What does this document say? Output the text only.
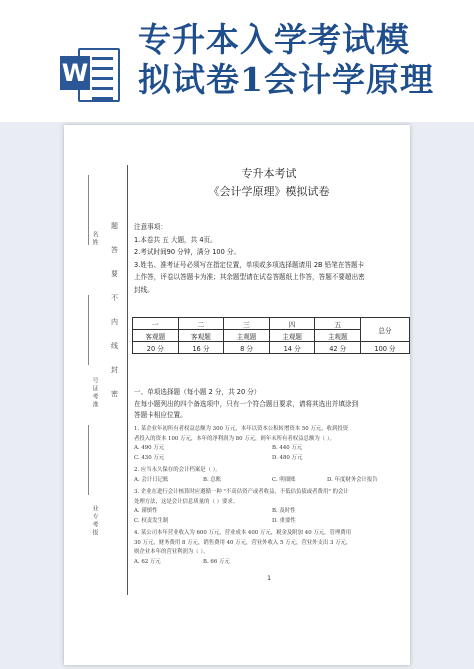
W
专升本入学考试模
拟试卷1会计学原理
名姓
号证考准
业专考报
题
答
要
不
内
线
封
密
专升本考试
《会计学原理》模拟试卷
注意事项：
1.本卷共 五 大题，共 4页。
2.考试时间90 分钟，满分 100 分。
3.姓名、准考证号必须写在指定位置，单项或多项选择题请用 2B 铅笔在答题卡
上作答，评卷以答题卡为准；其余题型请在试卷答题纸上作答，答题不要超出密
封线。
一	二	三	四	五	总分
客观题	客观题	主观题	主观题	主观题	
20 分	16 分	8 分	14 分	42 分	100 分
一、单项选择题（每小题 2 分，共 20 分）
在每小题列出的四个备选项中，只有一个符合题目要求，请将其选出并填涂到
答题卡相应位置。
1. 某企业年初所有者权益总额为 300 万元，本年以资本公积转增资本 50 万元，收到投资
者投入的资本 100 万元，本年的净利润为 80 万元，则年末所有者权益总额为（ ）。
A. 490 万元	B. 440 万元
C. 430 万元	D. 480 万元
2. 应当永久保存的会计档案是（ ）。
A. 会计日记账	B. 总账	C. 明细账	D. 年度财务会计报告
3. 企业在进行会计核算时应遵循一种 "不高估资产或者收益，不低估负债或者费用" 的会计
处理方法，这是会计信息质量的（ ）要求。
A. 谨慎性	B. 及时性
C. 权责发生制	D. 重要性
4. 某公司本年营业收入为 600 万元，营业成本 400 万元，税金及附加 40 万元，管理费用
30 万元，财务费用 8 万元，销售费用 40 万元，营业外收入 5 万元，营业外支出 3 万元，
则企业本年的营业利润为（ ）。
A. 62 万元	B. 66 万元
1
